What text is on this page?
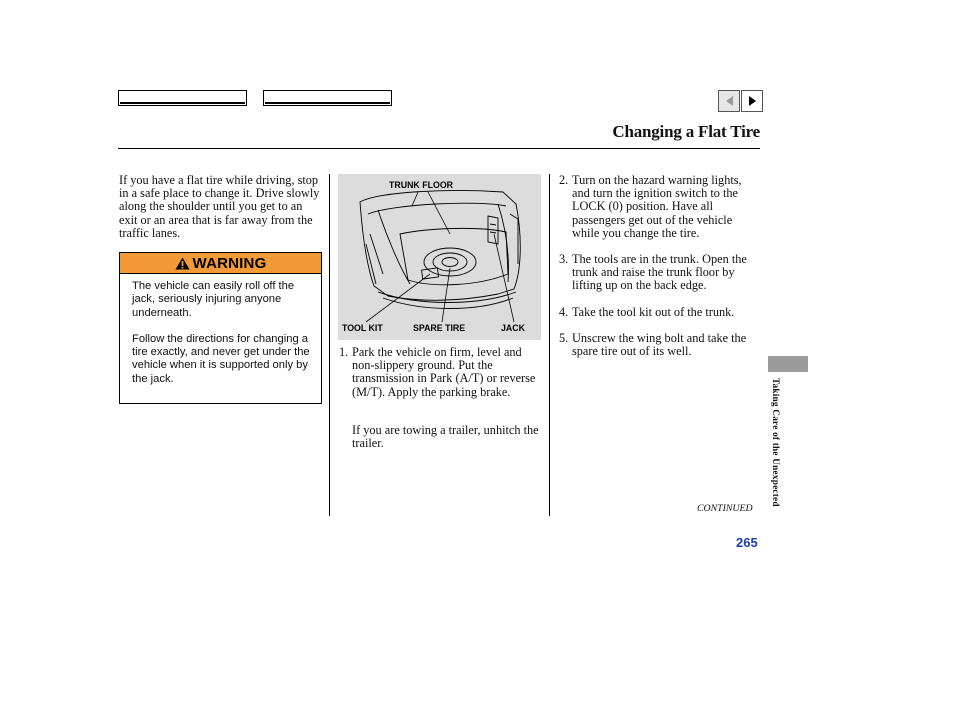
Changing a Flat Tire
If you have a flat tire while driving, stop in a safe place to change it. Drive slowly along the shoulder until you get to an exit or an area that is far away from the traffic lanes.
WARNING

The vehicle can easily roll off the jack, seriously injuring anyone underneath.

Follow the directions for changing a tire exactly, and never get under the vehicle when it is supported only by the jack.

TRUNK FLOOR
TOOL KIT	SPARE TIRE	JACK
1. Park the vehicle on firm, level and non-slippery ground. Put the transmission in Park (A/T) or reverse (M/T). Apply the parking brake.
If you are towing a trailer, unhitch the trailer.
2. Turn on the hazard warning lights, and turn the ignition switch to the LOCK (0) position. Have all passengers get out of the vehicle while you change the tire.
3. The tools are in the trunk. Open the trunk and raise the trunk floor by lifting up on the back edge.
4. Take the tool kit out of the trunk.
5. Unscrew the wing bolt and take the spare tire out of its well.
Taking Care of the Unexpected
CONTINUED
265
